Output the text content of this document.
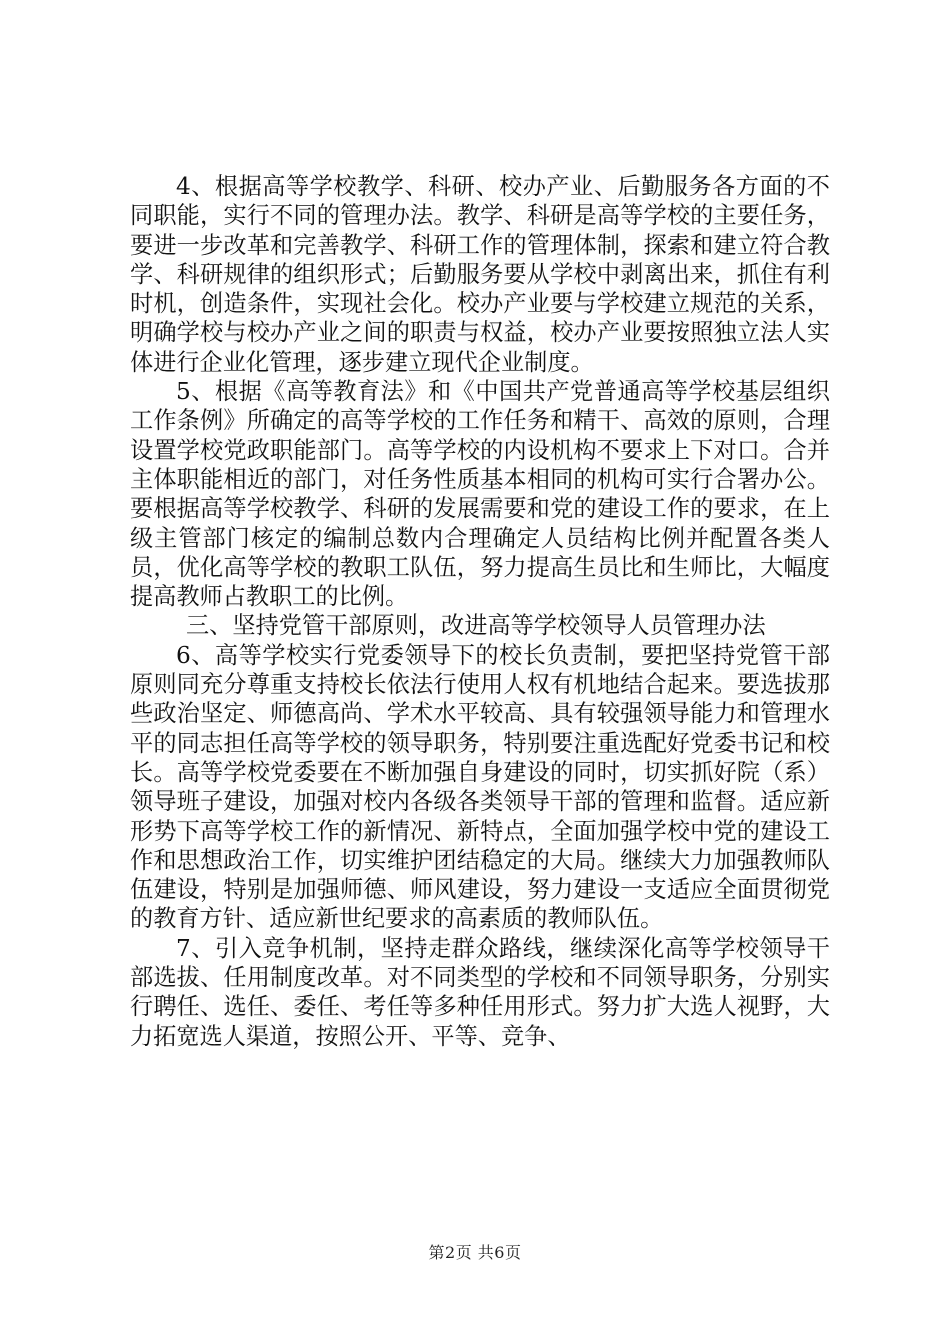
4、根据高等学校教学、科研、校办产业、后勤服务各方面的不同职能，实行不同的管理办法。教学、科研是高等学校的主要任务，要进一步改革和完善教学、科研工作的管理体制，探索和建立符合教学、科研规律的组织形式；后勤服务要从学校中剥离出来，抓住有利时机，创造条件，实现社会化。校办产业要与学校建立规范的关系，明确学校与校办产业之间的职责与权益，校办产业要按照独立法人实体进行企业化管理，逐步建立现代企业制度。

5、根据《高等教育法》和《中国共产党普通高等学校基层组织工作条例》所确定的高等学校的工作任务和精干、高效的原则，合理设置学校党政职能部门。高等学校的内设机构不要求上下对口。合并主体职能相近的部门，对任务性质基本相同的机构可实行合署办公。要根据高等学校教学、科研的发展需要和党的建设工作的要求，在上级主管部门核定的编制总数内合理确定人员结构比例并配置各类人员，优化高等学校的教职工队伍，努力提高生员比和生师比，大幅度提高教师占教职工的比例。

三、坚持党管干部原则，改进高等学校领导人员管理办法

6、高等学校实行党委领导下的校长负责制，要把坚持党管干部原则同充分尊重支持校长依法行使用人权有机地结合起来。要选拔那些政治坚定、师德高尚、学术水平较高、具有较强领导能力和管理水平的同志担任高等学校的领导职务，特别要注重选配好党委书记和校长。高等学校党委要在不断加强自身建设的同时，切实抓好院（系）领导班子建设，加强对校内各级各类领导干部的管理和监督。适应新形势下高等学校工作的新情况、新特点，全面加强学校中党的建设工作和思想政治工作，切实维护团结稳定的大局。继续大力加强教师队伍建设，特别是加强师德、师风建设，努力建设一支适应全面贯彻党的教育方针、适应新世纪要求的高素质的教师队伍。

7、引入竞争机制，坚持走群众路线，继续深化高等学校领导干部选拔、任用制度改革。对不同类型的学校和不同领导职务，分别实行聘任、选任、委任、考任等多种任用形式。努力扩大选人视野，大力拓宽选人渠道，按照公开、平等、竞争、

第2页 共6页
